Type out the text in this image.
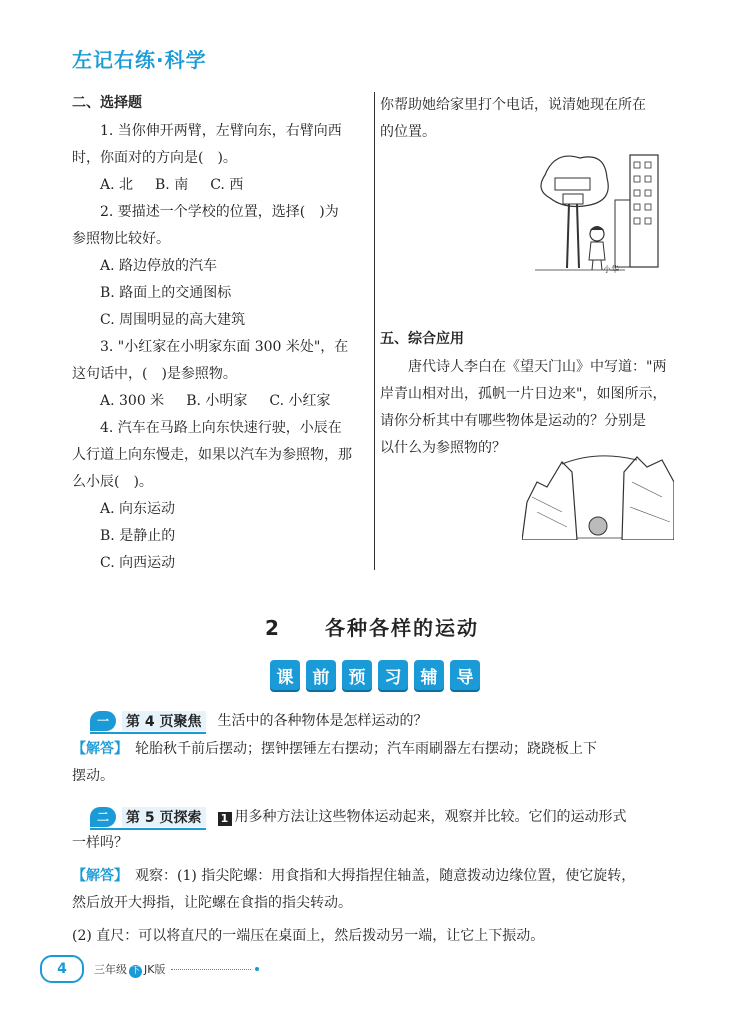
左记右练·科学
二、选择题

1. 当你伸开两臂，左臂向东，右臂向西

时，你面对的方向是(　)。

A. 北 B. 南 C. 西

2. 要描述一个学校的位置，选择(　)为

参照物比较好。

A. 路边停放的汽车

B. 路面上的交通图标

C. 周围明显的高大建筑

3. "小红家在小明家东面 300 米处"，在

这句话中，(　)是参照物。

A. 300 米 B. 小明家 C. 小红家

4. 汽车在马路上向东快速行驶，小辰在

人行道上向东慢走，如果以汽车为参照物，那

么小辰(　)。

A. 向东运动

B. 是静止的

C. 向西运动

你帮助她给家里打个电话，说清她现在所在

的位置。

小华
五、综合应用

唐代诗人李白在《望天门山》中写道："两

岸青山相对出，孤帆一片日边来"，如图所示，

请你分析其中有哪些物体是运动的？分别是

以什么为参照物的？

2　　 各种各样的运动
课	前	预	习	辅	导
一	第 4 页聚焦 生活中的各种物体是怎样运动的？
【解答】　 轮胎秋千前后摆动；摆钟摆锤左右摆动；汽车雨刷器左右摆动；跷跷板上下
摆动。
二	第 5 页探索	1 用多种方法让这些物体运动起来，观察并比较。它们的运动形式
一样吗？
【解答】　 观察：(1) 指尖陀螺：用食指和大拇指捏住轴盖，随意拨动边缘位置，使它旋转，
然后放开大拇指，让陀螺在食指的指尖转动。
(2) 直尺：可以将直尺的一端压在桌面上，然后拨动另一端，让它上下振动。
4	三年级 下 JK版
